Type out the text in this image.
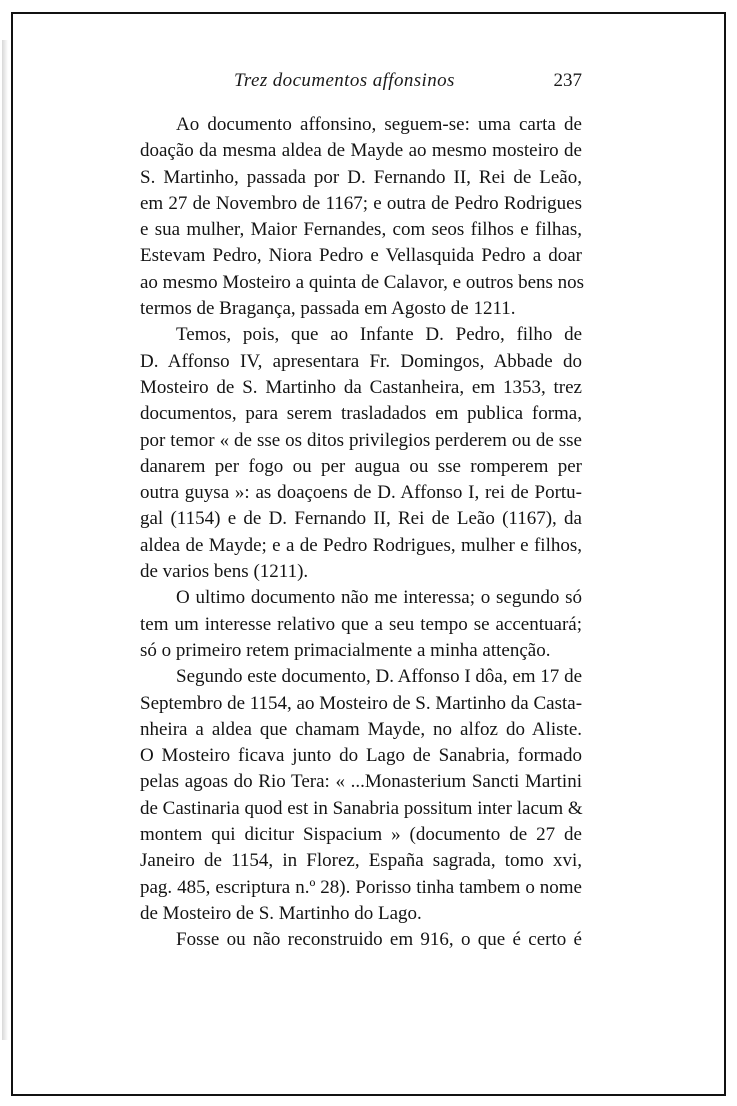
Trez documentos affonsinos	237
Ao documento affonsino, seguem-se: uma carta de
doação da mesma aldea de Mayde ao mesmo mosteiro de
S. Martinho, passada por D. Fernando II, Rei de Leão,
em 27 de Novembro de 1167; e outra de Pedro Rodrigues
e sua mulher, Maior Fernandes, com seos filhos e filhas,
Estevam Pedro, Niora Pedro e Vellasquida Pedro a doar
ao mesmo Mosteiro a quinta de Calavor, e outros bens nos
termos de Bragança, passada em Agosto de 1211.
Temos, pois, que ao Infante D. Pedro, filho de
D. Affonso IV, apresentara Fr. Domingos, Abbade do
Mosteiro de S. Martinho da Castanheira, em 1353, trez
documentos, para serem trasladados em publica forma,
por temor « de sse os ditos privilegios perderem ou de sse
danarem per fogo ou per augua ou sse romperem per
outra guysa »: as doaçoens de D. Affonso I, rei de Portu-
gal (1154) e de D. Fernando II, Rei de Leão (1167), da
aldea de Mayde; e a de Pedro Rodrigues, mulher e filhos,
de varios bens (1211).
O ultimo documento não me interessa; o segundo só
tem um interesse relativo que a seu tempo se accentuará;
só o primeiro retem primacialmente a minha attenção.
Segundo este documento, D. Affonso I dôa, em 17 de
Septembro de 1154, ao Mosteiro de S. Martinho da Casta-
nheira a aldea que chamam Mayde, no alfoz do Aliste.
O Mosteiro ficava junto do Lago de Sanabria, formado
pelas agoas do Rio Tera: « ...Monasterium Sancti Martini
de Castinaria quod est in Sanabria possitum inter lacum &
montem qui dicitur Sispacium » (documento de 27 de
Janeiro de 1154, in Florez, España sagrada, tomo xvi,
pag. 485, escriptura n.º 28). Porisso tinha tambem o nome
de Mosteiro de S. Martinho do Lago.
Fosse ou não reconstruido em 916, o que é certo é
